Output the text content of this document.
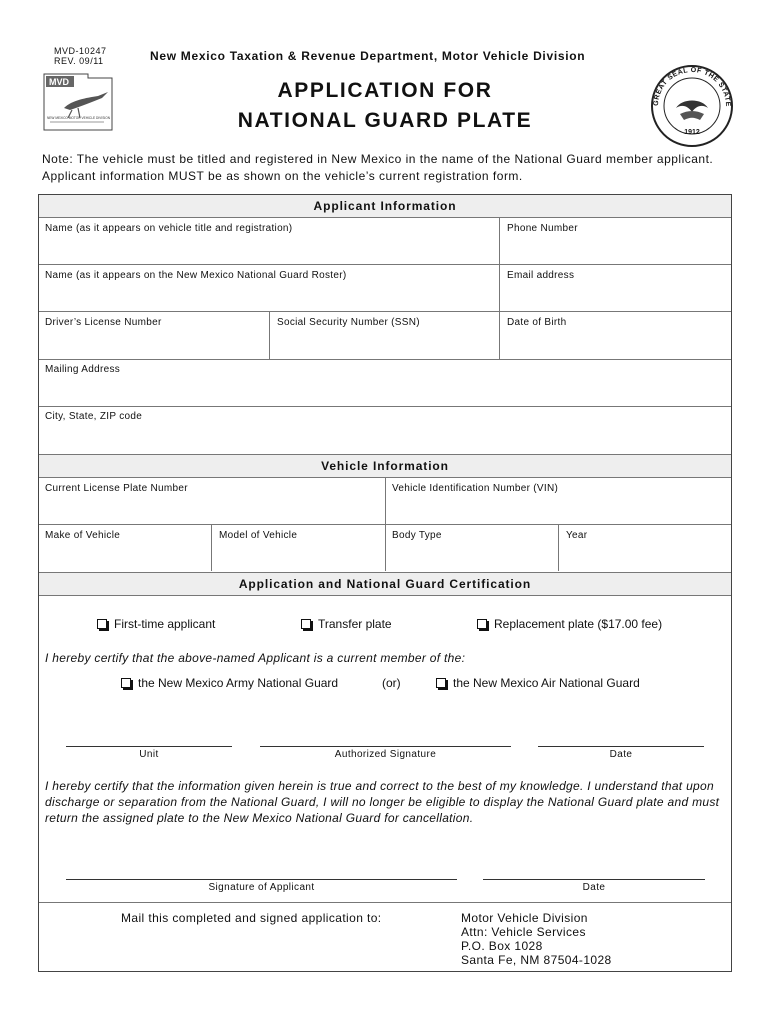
MVD-10247
REV. 09/11
MVD
NEW MEXICO MOTOR VEHICLE DIVISION
New Mexico Taxation & Revenue Department, Motor Vehicle Division
APPLICATION FOR
NATIONAL GUARD PLATE
GREAT SEAL OF THE STATE
1912
Note: The vehicle must be titled and registered in New Mexico in the name of the National Guard member applicant. Applicant information MUST be as shown on the vehicle’s current registration form.
Applicant Information
Name (as it appears on vehicle title and registration)	Phone Number
Name (as it appears on the New Mexico National Guard Roster)	Email address
Driver’s License Number	Social Security Number (SSN)	Date of Birth
Mailing Address
City, State, ZIP code
Vehicle Information
Current License Plate Number	Vehicle Identification Number (VIN)
Make of Vehicle	Model of Vehicle	Body Type	Year
Application and National Guard Certification
First-time applicant	Transfer plate	Replacement plate ($17.00 fee)
I hereby certify that the above-named Applicant is a current member of the:
the New Mexico Army National Guard	(or)	the New Mexico Air National Guard
Unit	Authorized Signature	Date
I hereby certify that the information given herein is true and correct to the best of my knowledge. I understand that upon discharge or separation from the National Guard, I will no longer be eligible to display the National Guard plate and must return the assigned plate to the New Mexico National Guard for cancellation.
Signature of Applicant	Date
Mail this completed and signed application to:	Motor Vehicle Division
Attn: Vehicle Services
P.O. Box 1028
Santa Fe, NM 87504-1028
